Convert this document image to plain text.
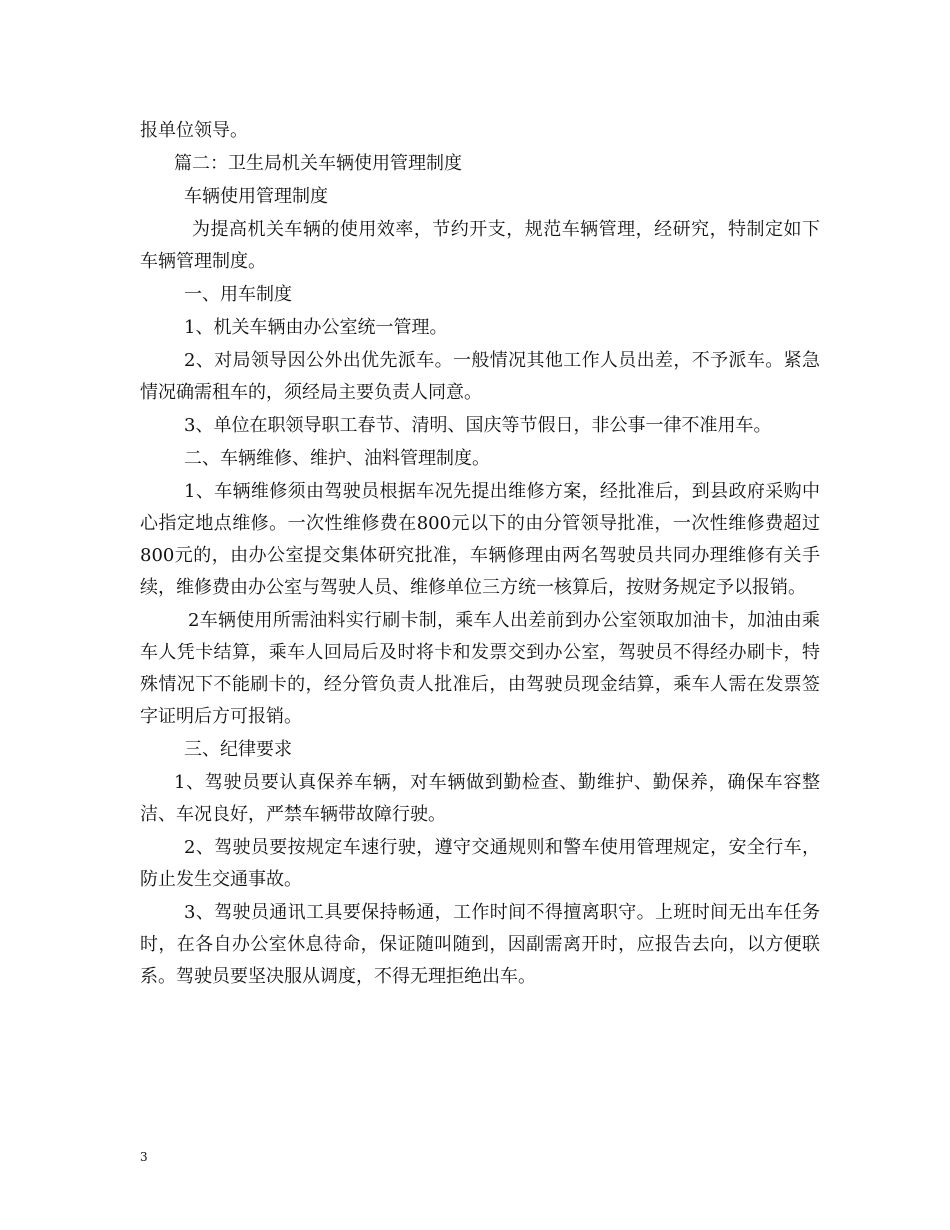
报单位领导。

篇二：卫生局机关车辆使用管理制度

车辆使用管理制度

为提高机关车辆的使用效率，节约开支，规范车辆管理，经研究，特制定如下车辆管理制度。

一、用车制度

1、机关车辆由办公室统一管理。

2、对局领导因公外出优先派车。一般情况其他工作人员出差，不予派车。紧急情况确需租车的，须经局主要负责人同意。

3、单位在职领导职工春节、清明、国庆等节假日，非公事一律不准用车。

二、车辆维修、维护、油料管理制度。

1、车辆维修须由驾驶员根据车况先提出维修方案，经批准后，到县政府采购中心指定地点维修。一次性维修费在800元以下的由分管领导批准，一次性维修费超过800元的，由办公室提交集体研究批准，车辆修理由两名驾驶员共同办理维修有关手续，维修费由办公室与驾驶人员、维修单位三方统一核算后，按财务规定予以报销。

2车辆使用所需油料实行刷卡制，乘车人出差前到办公室领取加油卡，加油由乘车人凭卡结算，乘车人回局后及时将卡和发票交到办公室，驾驶员不得经办刷卡，特殊情况下不能刷卡的，经分管负责人批准后，由驾驶员现金结算，乘车人需在发票签字证明后方可报销。

三、纪律要求

1、驾驶员要认真保养车辆，对车辆做到勤检查、勤维护、勤保养，确保车容整洁、车况良好，严禁车辆带故障行驶。

2、驾驶员要按规定车速行驶，遵守交通规则和警车使用管理规定，安全行车，防止发生交通事故。

3、驾驶员通讯工具要保持畅通，工作时间不得擅离职守。上班时间无出车任务时，在各自办公室休息待命，保证随叫随到，因副需离开时，应报告去向，以方便联系。驾驶员要坚决服从调度，不得无理拒绝出车。

3
